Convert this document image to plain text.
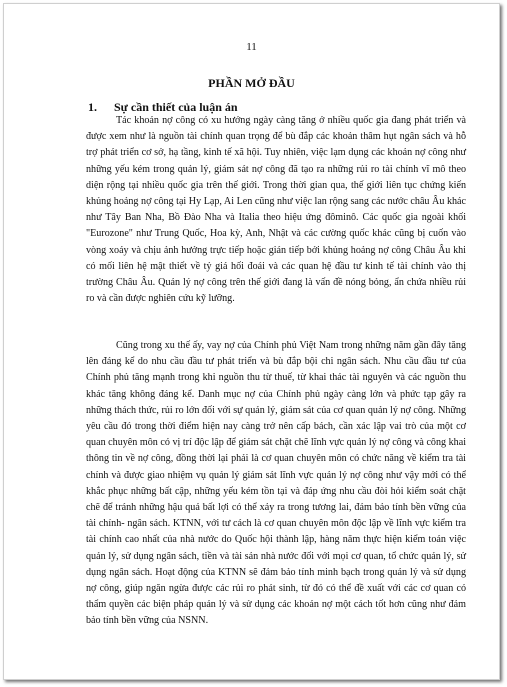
11
PHẦN MỞ ĐẦU
1. Sự cần thiết của luận án

Tác khoản nợ công có xu hướng ngày càng tăng ở nhiều quốc gia đang phát triển và được xem như là nguồn tài chính quan trọng để bù đắp các khoản thâm hụt ngân sách và hỗ trợ phát triển cơ sở, hạ tầng, kinh tế xã hội. Tuy nhiên, việc lạm dụng các khoản nợ công như những yếu kém trong quản lý, giám sát nợ công đã tạo ra những rủi ro tài chính vĩ mô theo diện rộng tại nhiều quốc gia trên thế giới. Trong thời gian qua, thế giới liên tục chứng kiến khủng hoảng nợ công tại Hy Lạp, Ai Len cũng như việc lan rộng sang các nước châu Âu khác như Tây Ban Nha, Bồ Đào Nha và Italia theo hiệu ứng đôminô. Các quốc gia ngoài khối "Eurozone" như Trung Quốc, Hoa kỳ, Anh, Nhật và các cường quốc khác cũng bị cuốn vào vòng xoáy và chịu ảnh hưởng trực tiếp hoặc gián tiếp bởi khủng hoảng nợ công Châu Âu khi có mối liên hệ mật thiết về tỷ giá hối đoái và các quan hệ đầu tư kinh tế tài chính vào thị trường Châu Âu. Quản lý nợ công trên thế giới đang là vấn đề nóng bỏng, ẩn chứa nhiều rủi ro và cần được nghiên cứu kỹ lưỡng.

Cũng trong xu thế ấy, vay nợ của Chính phủ Việt Nam trong những năm gần đây tăng lên đáng kể do nhu cầu đầu tư phát triển và bù đắp bội chi ngân sách. Nhu cầu đầu tư của Chính phủ tăng mạnh trong khi nguồn thu từ thuế, từ khai thác tài nguyên và các nguồn thu khác tăng không đáng kể. Danh mục nợ của Chính phủ ngày càng lớn và phức tạp gây ra những thách thức, rủi ro lớn đối với sự quản lý, giám sát của cơ quan quản lý nợ công. Những yêu cầu đó trong thời điểm hiện nay càng trở nên cấp bách, cần xác lập vai trò của một cơ quan chuyên môn có vị trí độc lập để giám sát chặt chẽ lĩnh vực quản lý nợ công và công khai thông tin về nợ công, đồng thời lại phải là cơ quan chuyên môn có chức năng về kiểm tra tài chính và được giao nhiệm vụ quản lý giám sát lĩnh vực quản lý nợ công như vậy mới có thể khắc phục những bất cập, những yếu kém tồn tại và đáp ứng nhu cầu đòi hỏi kiểm soát chặt chẽ để tránh những hậu quả bất lợi có thể xảy ra trong tương lai, đảm bảo tính bền vững của tài chính- ngân sách. KTNN, với tư cách là cơ quan chuyên môn độc lập về lĩnh vực kiểm tra tài chính cao nhất của nhà nước do Quốc hội thành lập, hàng năm thực hiện kiểm toán việc quản lý, sử dụng ngân sách, tiền và tài sản nhà nước đối với mọi cơ quan, tổ chức quản lý, sử dụng ngân sách. Hoạt động của KTNN sẽ đảm bảo tính minh bạch trong quản lý và sử dụng nợ công, giúp ngăn ngừa được các rủi ro phát sinh, từ đó có thể đề xuất với các cơ quan có thẩm quyền các biện pháp quản lý và sử dụng các khoản nợ một cách tốt hơn cũng như đảm bảo tính bền vững của NSNN.
